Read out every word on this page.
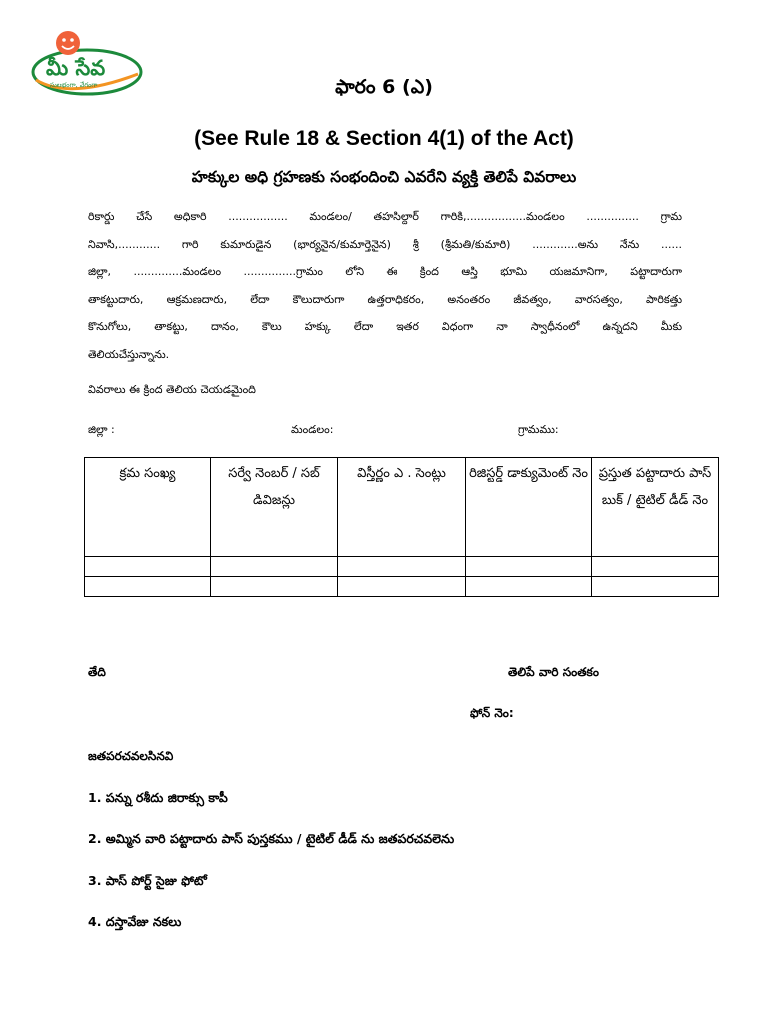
మీ సేవ
సులభంగా, వేగంగా	ఫారం 6 (ఎ)
(See Rule 18 & Section 4(1) of the Act)
హక్కుల అధి గ్రహణకు సంభందించి ఎవరేని వ్యక్తి తెలిపే వివరాలు
రికార్డు చేసే అధికారి ................. మండలం/ తహసిల్దార్ గారికి,.................మండలం ............... గ్రామ
నివాసి,............ గారి కుమారుడైన (భార్యనైన/కుమార్తెనైన) శ్రీ (శ్రీమతి/కుమారి) .............అను నేను ......
జిల్లా, ..............మండలం ...............గ్రామం లోని ఈ క్రింద ఆస్తి భూమి యజమానిగా, పట్టాదారుగా
తాకట్టుదారు, ఆక్రమణదారు, లేదా కౌలుదారుగా ఉత్తరాధికరం, అనంతరం జీవత్వం, వారసత్వం, పారికత్తు
కొనుగోలు, తాకట్టు, దానం, కౌలు హక్కు లేదా ఇతర విధంగా నా స్వాధీనంలో ఉన్నదని మీకు
తెలియచేస్తున్నాను.
వివరాలు ఈ క్రింద తెలియ చెయడమైంది
జిల్లా :	మండలం:	గ్రామము:
క్రమ సంఖ్య	సర్వే నెంబర్ / సబ్ డివిజన్లు	విస్తీర్ణం ఎ . సెంట్లు	రిజిస్టర్డ్ డాక్యుమెంట్ నెం	ప్రస్తుత పట్టాదారు పాస్ బుక్ / టైటిల్ డీడ్ నెం

తేది	తెలిపే వారి సంతకం
ఫోన్ నెం:
జతపరచవలసినవి
1. పన్ను రశీదు జిరాక్సు కాపీ
2. అమ్మిన వారి పట్టాదారు పాస్ పుస్తకము / టైటిల్ డీడ్ ను జతపరచవలెను
3. పాస్ పోర్ట్ సైజు ఫోటో
4. దస్తావేజు నకలు
